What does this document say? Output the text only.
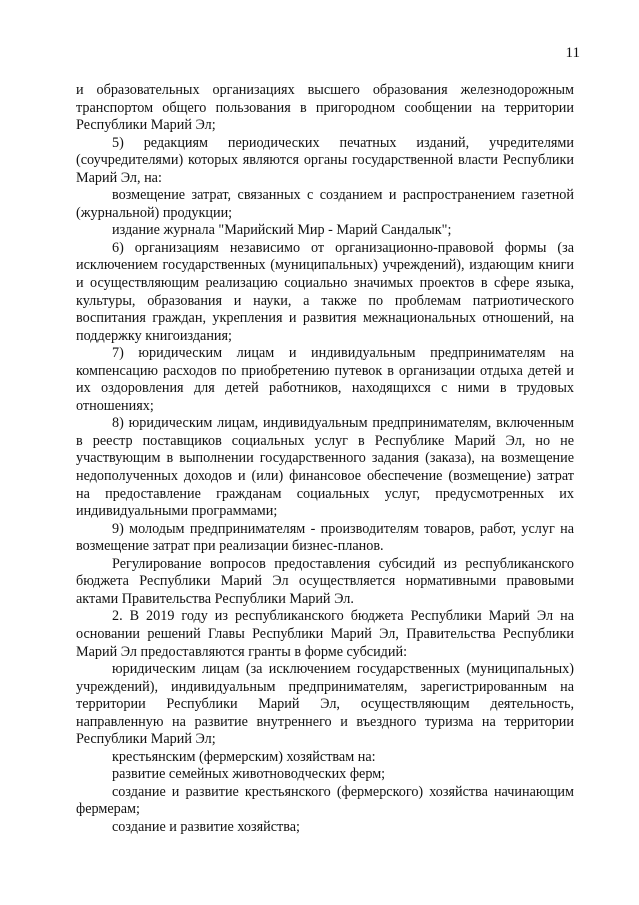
11

и образовательных организациях высшего образования железнодорожным транспортом общего пользования в пригородном сообщении на территории Республики Марий Эл;

5) редакциям периодических печатных изданий, учредителями (соучредителями) которых являются органы государственной власти Республики Марий Эл, на:

возмещение затрат, связанных с созданием и распространением газетной (журнальной) продукции;

издание журнала "Марийский Мир - Марий Сандалык";

6) организациям независимо от организационно-правовой формы (за исключением государственных (муниципальных) учреждений), издающим книги и осуществляющим реализацию социально значимых проектов в сфере языка, культуры, образования и науки, а также по проблемам патриотического воспитания граждан, укрепления и развития межнациональных отношений, на поддержку книгоиздания;

7) юридическим лицам и индивидуальным предпринимателям на компенсацию расходов по приобретению путевок в организации отдыха детей и их оздоровления для детей работников, находящихся с ними в трудовых отношениях;

8) юридическим лицам, индивидуальным предпринимателям, включенным в реестр поставщиков социальных услуг в Республике Марий Эл, но не участвующим в выполнении государственного задания (заказа), на возмещение недополученных доходов и (или) финансовое обеспечение (возмещение) затрат на предоставление гражданам социальных услуг, предусмотренных их индивидуальными программами;

9) молодым предпринимателям - производителям товаров, работ, услуг на возмещение затрат при реализации бизнес-планов.

Регулирование вопросов предоставления субсидий из республиканского бюджета Республики Марий Эл осуществляется нормативными правовыми актами Правительства Республики Марий Эл.

2. В 2019 году из республиканского бюджета Республики Марий Эл на основании решений Главы Республики Марий Эл, Правительства Республики Марий Эл предоставляются гранты в форме субсидий:

юридическим лицам (за исключением государственных (муниципальных) учреждений), индивидуальным предпринимателям, зарегистрированным на территории Республики Марий Эл, осуществляющим деятельность, направленную на развитие внутреннего и въездного туризма на территории Республики Марий Эл;

крестьянским (фермерским) хозяйствам на:

развитие семейных животноводческих ферм;

создание и развитие крестьянского (фермерского) хозяйства начинающим фермерам;

создание и развитие хозяйства;
